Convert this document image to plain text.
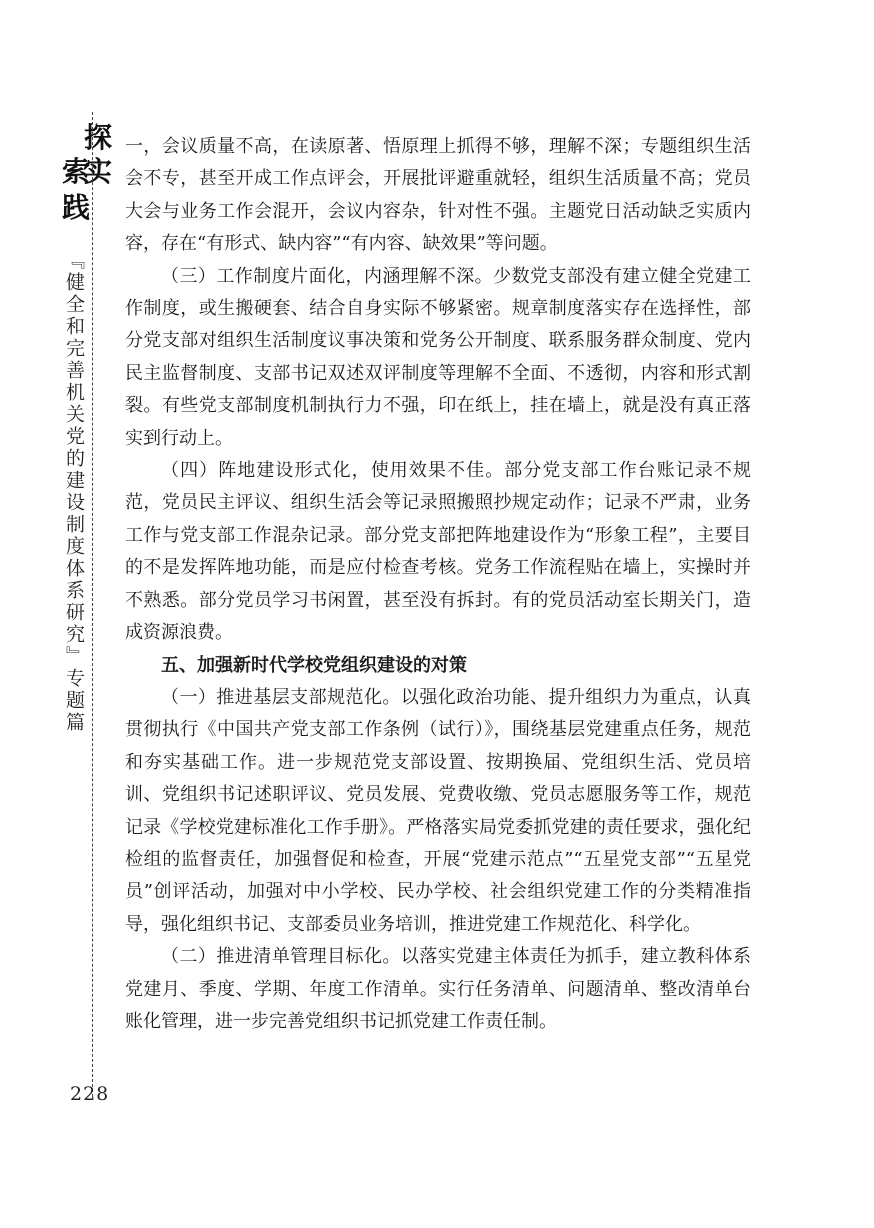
探
索
实
践
『健全和完善机关党的建设制度体系研究』专题篇
228

一，会议质量不高，在读原著、悟原理上抓得不够，理解不深；专题组织生活会不专，甚至开成工作点评会，开展批评避重就轻，组织生活质量不高；党员大会与业务工作会混开，会议内容杂，针对性不强。主题党日活动缺乏实质内容，存在“有形式、缺内容”“有内容、缺效果”等问题。

（三）工作制度片面化，内涵理解不深。少数党支部没有建立健全党建工作制度，或生搬硬套、结合自身实际不够紧密。规章制度落实存在选择性，部分党支部对组织生活制度议事决策和党务公开制度、联系服务群众制度、党内民主监督制度、支部书记双述双评制度等理解不全面、不透彻，内容和形式割裂。有些党支部制度机制执行力不强，印在纸上，挂在墙上，就是没有真正落实到行动上。

（四）阵地建设形式化，使用效果不佳。部分党支部工作台账记录不规范，党员民主评议、组织生活会等记录照搬照抄规定动作；记录不严肃，业务工作与党支部工作混杂记录。部分党支部把阵地建设作为“形象工程”，主要目的不是发挥阵地功能，而是应付检查考核。党务工作流程贴在墙上，实操时并不熟悉。部分党员学习书闲置，甚至没有拆封。有的党员活动室长期关门，造成资源浪费。

五、加强新时代学校党组织建设的对策

（一）推进基层支部规范化。以强化政治功能、提升组织力为重点，认真贯彻执行《中国共产党支部工作条例（试行）》，围绕基层党建重点任务，规范和夯实基础工作。进一步规范党支部设置、按期换届、党组织生活、党员培训、党组织书记述职评议、党员发展、党费收缴、党员志愿服务等工作，规范记录《学校党建标准化工作手册》。严格落实局党委抓党建的责任要求，强化纪检组的监督责任，加强督促和检查，开展“党建示范点”“五星党支部”“五星党员”创评活动，加强对中小学校、民办学校、社会组织党建工作的分类精准指导，强化组织书记、支部委员业务培训，推进党建工作规范化、科学化。

（二）推进清单管理目标化。以落实党建主体责任为抓手，建立教科体系党建月、季度、学期、年度工作清单。实行任务清单、问题清单、整改清单台账化管理，进一步完善党组织书记抓党建工作责任制。
